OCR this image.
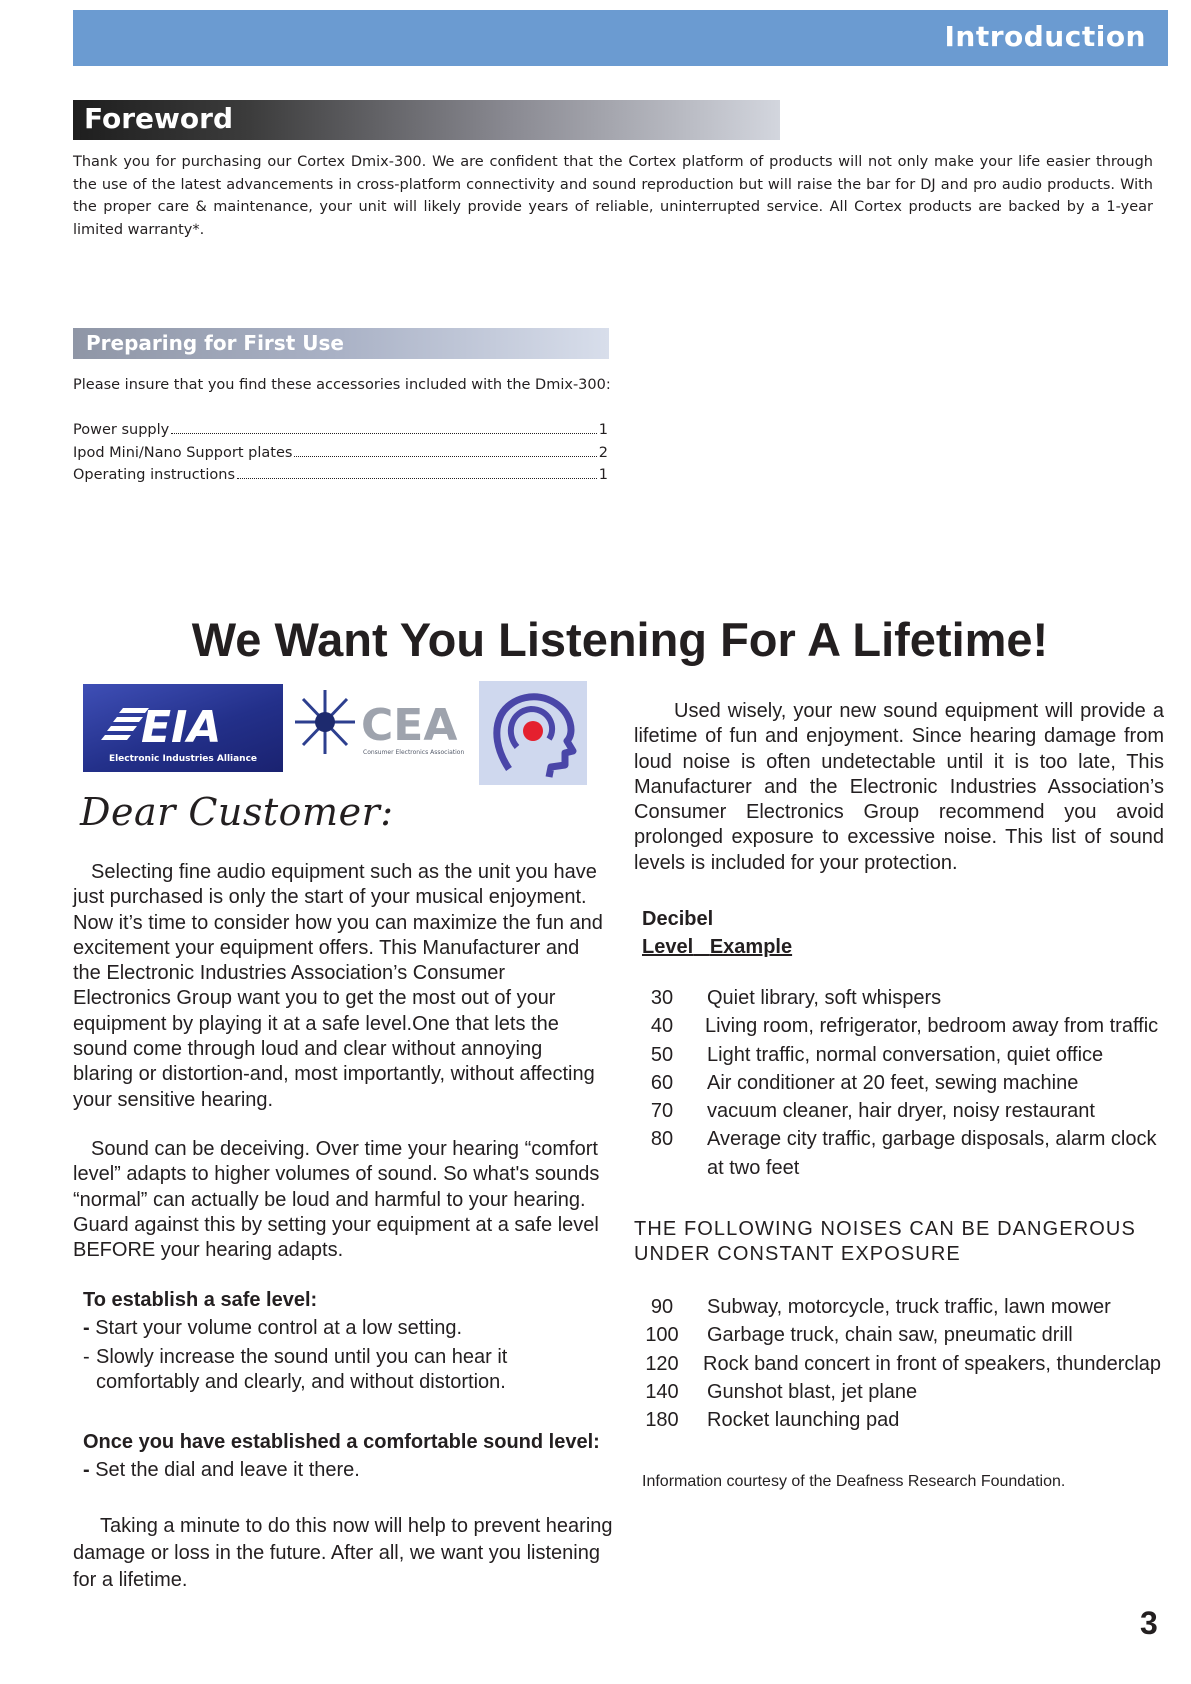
Introduction
Foreword
Thank you for purchasing our Cortex Dmix-300. We are confident that the Cortex platform of products will not only make your life easier through the use of the latest advancements in cross-platform connectivity and sound reproduction but will raise the bar for DJ and pro audio products. With the proper care & maintenance, your unit will likely provide years of reliable, uninterrupted service. All Cortex products are backed by a 1-year limited warranty*.
Preparing for First Use
Please insure that you find these accessories included with the Dmix-300:
Power supply	1
Ipod Mini/Nano Support plates	2
Operating instructions	1
We Want You Listening For A Lifetime!
EIA
Electronic Industries Alliance
CEA
Consumer Electronics Association
Dear Customer:
Selecting fine audio equipment such as the unit you have just purchased is only the start of your musical enjoyment. Now it’s time to consider how you can maximize the fun and excitement your equipment offers. This Manufacturer and the Electronic Industries Association’s Consumer Electronics Group want you to get the most out of your equipment by playing it at a safe level.One that lets the sound come through loud and clear without annoying blaring or distortion-and, most importantly, without affecting your sensitive hearing.
Sound can be deceiving. Over time your hearing “comfort level” adapts to higher volumes of sound. So what's sounds “normal” can actually be loud and harmful to your hearing. Guard against this by setting your equipment at a safe level BEFORE your hearing adapts.
To establish a safe level:
- Start your volume control at a low setting.
- Slowly increase the sound until you can hear it comfortably and clearly, and without distortion.
Once you have established a comfortable sound level:
- Set the dial and leave it there.
Taking a minute to do this now will help to prevent hearing damage or loss in the future. After all, we want you listening for a lifetime.
Used wisely, your new sound equipment will provide a lifetime of fun and enjoyment. Since hearing damage from loud noise is often undetectable until it is too late, This Manufacturer and the Electronic Industries Association’s Consumer Electronics Group recommend you avoid prolonged exposure to excessive noise. This list of sound levels is included for your protection.
Decibel
Level Example
30	Quiet library, soft whispers
40	Living room, refrigerator, bedroom away from traffic
50	Light traffic, normal conversation, quiet office
60	Air conditioner at 20 feet, sewing machine
70	vacuum cleaner, hair dryer, noisy restaurant
80	Average city traffic, garbage disposals, alarm clock at two feet
THE FOLLOWING NOISES CAN BE DANGEROUS UNDER CONSTANT EXPOSURE
90	Subway, motorcycle, truck traffic, lawn mower
100 Garbage truck, chain saw, pneumatic drill
120 Rock band concert in front of speakers, thunderclap
140 Gunshot blast, jet plane
180 Rocket launching pad
Information courtesy of the Deafness Research Foundation.
3
